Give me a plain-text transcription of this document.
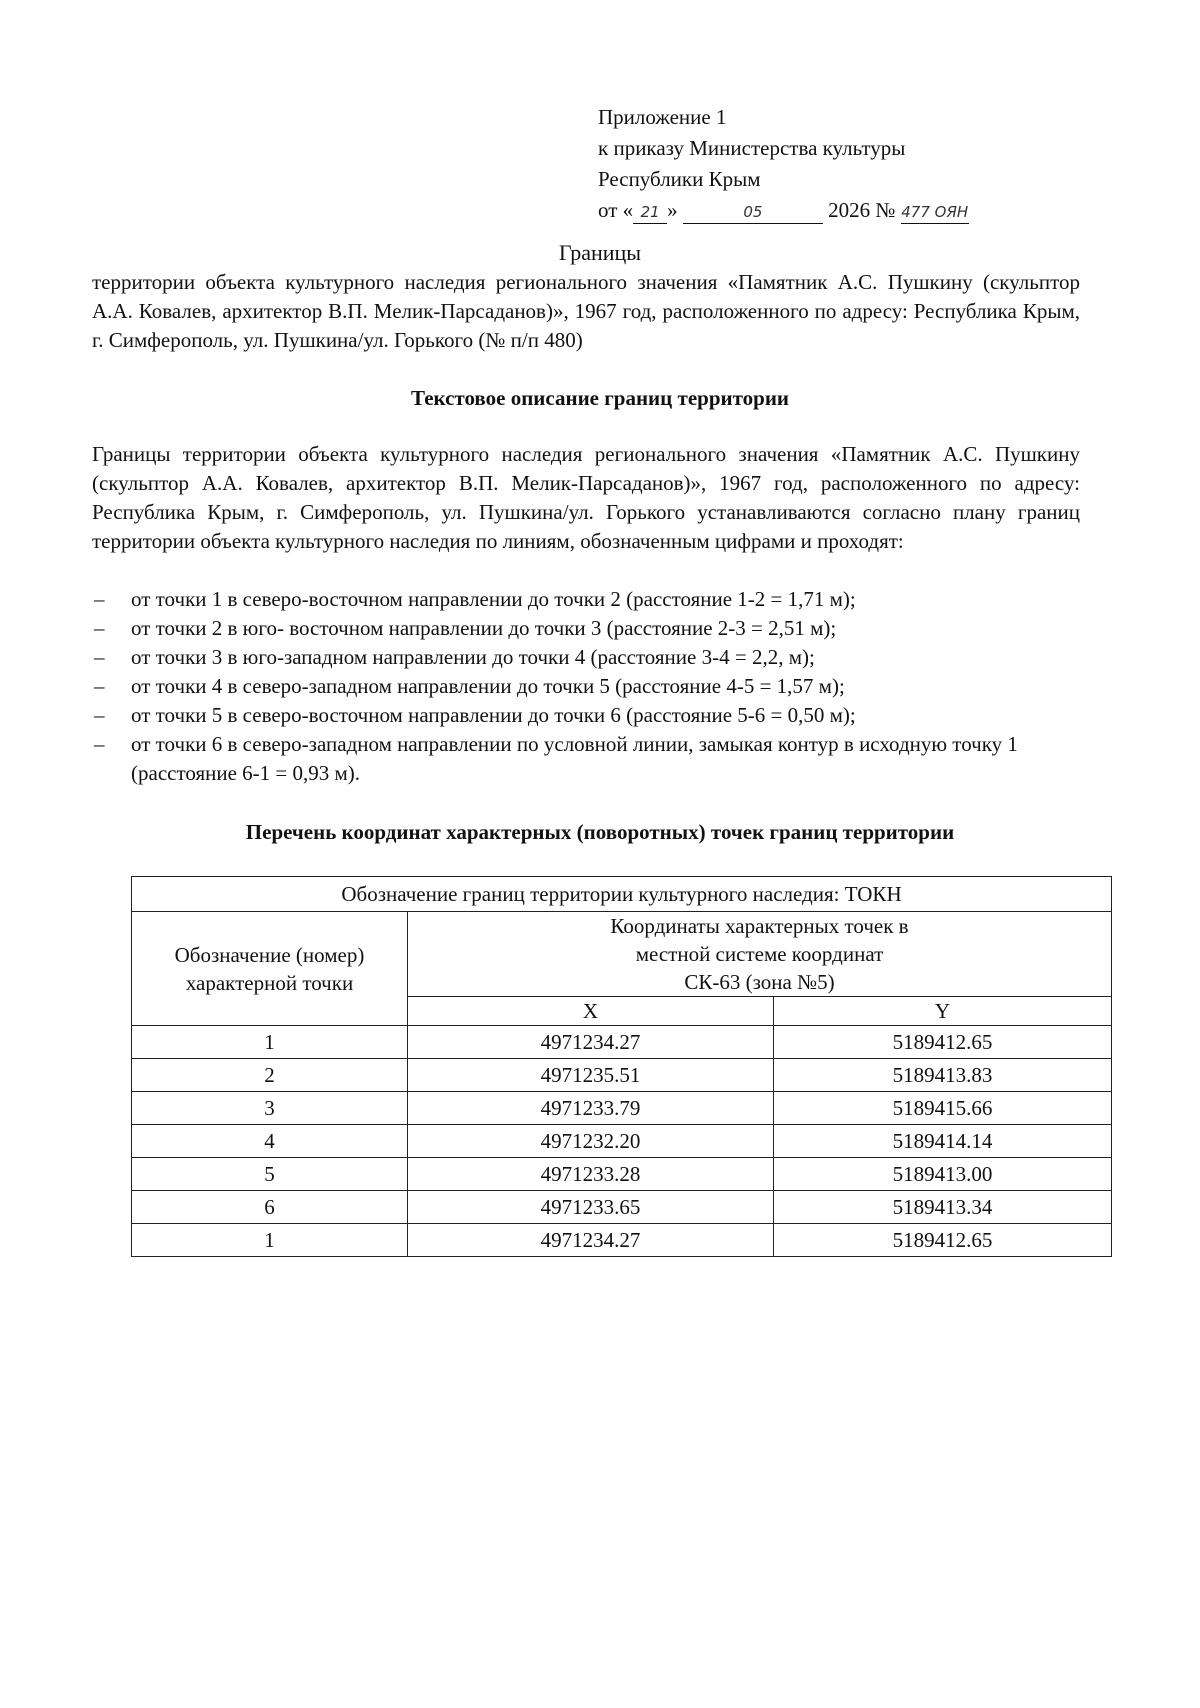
Приложение 1
к приказу Министерства культуры
Республики Крым
от « 21 »	05	2026 № 477 ОЯН
Границы
территории объекта культурного наследия регионального значения «Памятник А.С. Пушкину (скульптор А.А. Ковалев, архитектор В.П. Мелик-Парсаданов)», 1967 год, расположенного по адресу: Республика Крым, г. Симферополь, ул. Пушкина/ул. Горького (№ п/п 480)
Текстовое описание границ территории
Границы территории объекта культурного наследия регионального значения «Памятник А.С. Пушкину (скульптор А.А. Ковалев, архитектор В.П. Мелик-Парсаданов)», 1967 год, расположенного по адресу: Республика Крым, г. Симферополь, ул. Пушкина/ул. Горького устанавливаются согласно плану границ территории объекта культурного наследия по линиям, обозначенным цифрами и проходят:
– от точки 1 в северо-восточном направлении до точки 2 (расстояние 1-2 = 1,71 м);
– от точки 2 в юго- восточном направлении до точки 3 (расстояние 2-3 = 2,51 м);
– от точки 3 в юго-западном направлении до точки 4 (расстояние 3-4 = 2,2, м);
– от точки 4 в северо-западном направлении до точки 5 (расстояние 4-5 = 1,57 м);
– от точки 5 в северо-восточном направлении до точки 6 (расстояние 5-6 = 0,50 м);
– от точки 6 в северо-западном направлении по условной линии, замыкая контур в исходную точку 1 (расстояние 6-1 = 0,93 м).
Перечень координат характерных (поворотных) точек границ территории
Обозначение границ территории культурного наследия: ТОКН		
Обозначение (номер) характерной точки	Координаты характерных точек в
местной системе координат
СК-63 (зона №5)	

	X	Y
1	4971234.27	5189412.65
2	4971235.51	5189413.83
3	4971233.79	5189415.66
4	4971232.20	5189414.14
5	4971233.28	5189413.00
6	4971233.65	5189413.34
1	4971234.27	5189412.65
